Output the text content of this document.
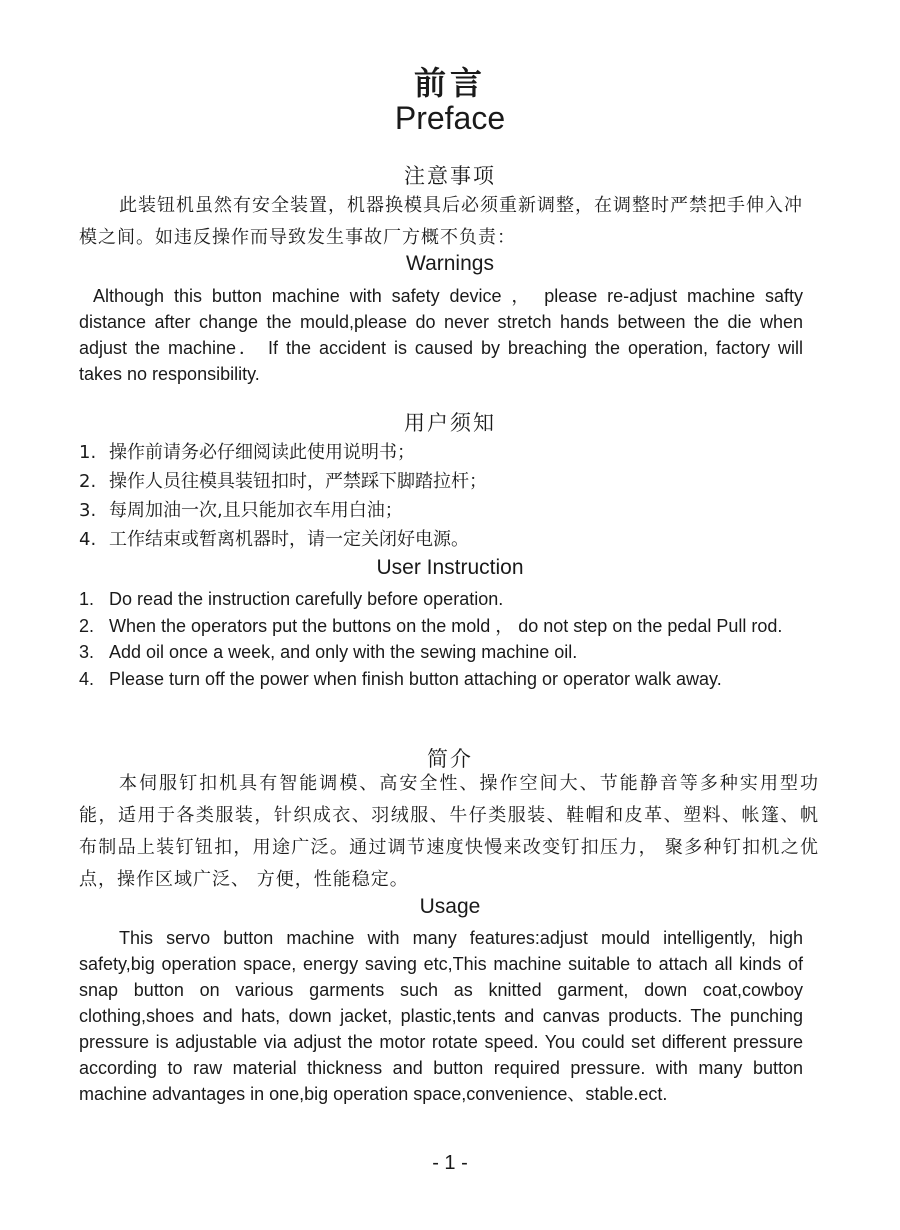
前言
Preface
注意事项

此装钮机虽然有安全装置，机器换模具后必须重新调整，在调整时严禁把手伸入冲模之间。如违反操作而导致发生事故厂方概不负责：

Warnings

Although this button machine with safety device ， please re-adjust machine safty distance after change the mould,please do never stretch hands between the die when adjust the machine． If the accident is caused by breaching the operation, factory will takes no responsibility.

用户须知
1. 操作前请务必仔细阅读此使用说明书；
2. 操作人员往模具装钮扣时，严禁踩下脚踏拉杆；
3. 每周加油一次,且只能加衣车用白油；
4. 工作结束或暂离机器时，请一定关闭好电源。
User Instruction
1. Do read the instruction carefully before operation.
2. When the operators put the buttons on the mold ， do not step on the pedal Pull rod.
3. Add oil once a week, and only with the sewing machine oil.
4. Please turn off the power when finish button attaching or operator walk away.
简介

本伺服钉扣机具有智能调模、高安全性、操作空间大、节能静音等多种实用型功能，适用于各类服装，针织成衣、羽绒服、牛仔类服装、鞋帽和皮革、塑料、帐篷、帆布制品上装钉钮扣，用途广泛。通过调节速度快慢来改变钉扣压力， 聚多种钉扣机之优点，操作区域广泛、 方便，性能稳定。

Usage

This servo button machine with many features:adjust mould intelligently, high safety,big operation space, energy saving etc,This machine suitable to attach all kinds of snap button on various garments such as knitted garment, down coat,cowboy clothing,shoes and hats, down jacket, plastic,tents and canvas products. The punching pressure is adjustable via adjust the motor rotate speed. You could set different pressure according to raw material thickness and button required pressure. with many button machine advantages in one,big operation space,convenience、stable.ect.

- 1 -
